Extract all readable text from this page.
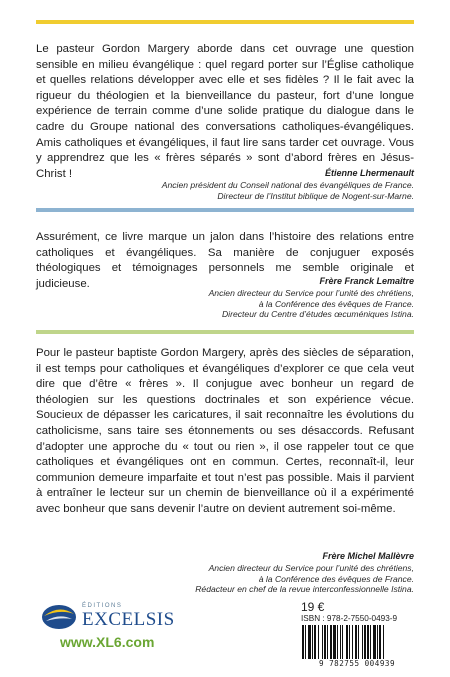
Le pasteur Gordon Margery aborde dans cet ouvrage une question sensible en milieu évangélique : quel regard porter sur l’Église catholique et quelles relations développer avec elle et ses fidèles ? Il le fait avec la rigueur du théologien et la bienveillance du pasteur, fort d’une longue expérience de terrain comme d’une solide pratique du dialogue dans le cadre du Groupe national des conversations catholiques-évangéliques. Amis catholiques et évangéliques, il faut lire sans tarder cet ouvrage. Vous y apprendrez que les « frères séparés » sont d’abord frères en Jésus-Christ !	Étienne Lhermenault
Ancien président du Conseil national des évangéliques de France.
Directeur de l’Institut biblique de Nogent-sur-Marne.

Assurément, ce livre marque un jalon dans l’histoire des relations entre catholiques et évangéliques. Sa manière de conjuguer exposés théologiques et témoignages personnels me semble originale et judicieuse.	Frère Franck Lemaître
Ancien directeur du Service pour l’unité des chrétiens,
à la Conférence des évêques de France.
Directeur du Centre d’études œcuméniques Istina.

Pour le pasteur baptiste Gordon Margery, après des siècles de séparation, il est temps pour catholiques et évangéliques d’explorer ce que cela veut dire que d’être « frères ». Il conjugue avec bonheur un regard de théologien sur les questions doctrinales et son expérience vécue. Soucieux de dépasser les caricatures, il sait reconnaître les évolutions du catholicisme, sans taire ses étonnements ou ses désaccords. Refusant d’adopter une approche du « tout ou rien », il ose rappeler tout ce que catholiques et évangéliques ont en commun. Certes, reconnaît-il, leur communion demeure imparfaite et tout n’est pas possible. Mais il parvient à entraîner le lecteur sur un chemin de bienveillance où il a expérimenté avec bonheur que sans devenir l’autre on devient autrement soi-même.

Frère Michel Mallèvre
Ancien directeur du Service pour l’unité des chrétiens,
à la Conférence des évêques de France.
Rédacteur en chef de la revue interconfessionnelle Istina.
ÉDITIONS
EXCELSIS
www.XL6.com
19 €
ISBN : 978-2-7550-0493-9
9 782755 004939
